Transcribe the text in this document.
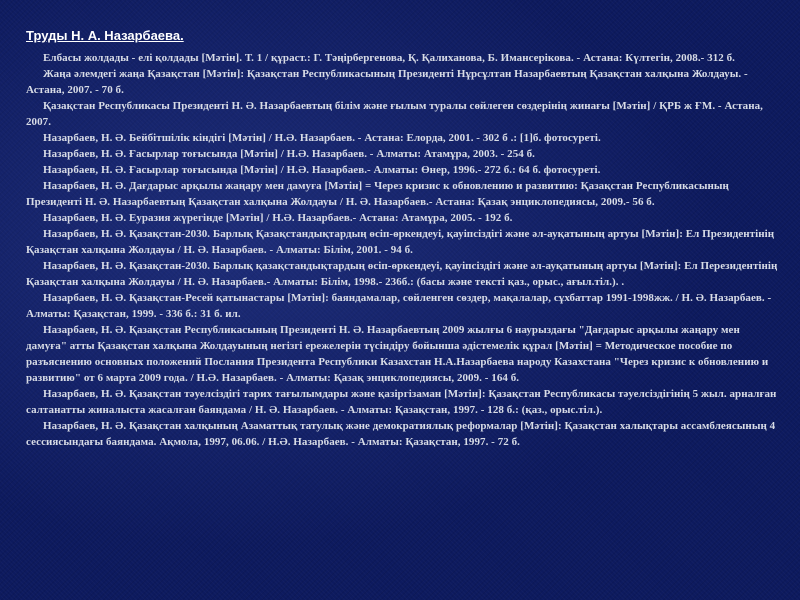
Труды Н. А. Назарбаева.

Елбасы жолдады - елі қолдады [Мәтін]. Т. 1 / құраст.: Г. Тәңірбергенова, Қ. Қалиханова, Б. Имансерікова. - Астана: Күлтегін, 2008.- 312 б.

Жаңа әлемдегі жаңа Қазақстан [Мәтін]: Қазақстан Республикасының Президенті Нұрсұлтан Назарбаевтың Қазақстан халқына Жолдауы. - Астана, 2007. - 70 б.

Қазақстан Республикасы Президенті Н. Ә. Назарбаевтың білім және ғылым туралы сөйлеген сөздерінің жинағы [Мәтін] / ҚРБ ж ҒМ. - Астана, 2007.

Назарбаев, Н. Ә. Бейбітшілік кіндігі [Мәтін] / Н.Ә. Назарбаев. - Астана: Елорда, 2001. - 302 б .: [1]б. фотосуреті.

Назарбаев, Н. Ә. Ғасырлар тоғысында [Мәтін] / Н.Ә. Назарбаев. - Алматы: Атамұра, 2003. - 254 б.

Назарбаев, Н. Ә. Ғасырлар тоғысында [Мәтін] / Н.Ә. Назарбаев.- Алматы: Өнер, 1996.- 272 б.: 64 б. фотосуреті.

Назарбаев, Н. Ә. Дағдарыс арқылы жаңару мен дамуға [Мәтін] = Через кризис к обновлению и развитию: Қазақстан Республикасының Президенті Н. Ә. Назарбаевтың Қазақстан халқына Жолдауы / Н. Ә. Назарбаев.- Астана: Қазақ энциклопедиясы, 2009.- 56 б.

Назарбаев, Н. Ә. Еуразия жүрегінде [Мәтін] / Н.Ә. Назарбаев.- Астана: Атамұра, 2005. - 192 б.

Назарбаев, Н. Ә. Қазақстан-2030. Барлық Қазақстандықтардың өсіп-өркендеуі, қауіпсіздігі және әл-ауқатының артуы [Мәтін]: Ел Президентінің Қазақстан халқына Жолдауы / Н. Ә. Назарбаев. - Алматы: Білім, 2001. - 94 б.

Назарбаев, Н. Ә. Қазақстан-2030. Барлық қазақстандықтардың өсіп-өркендеуі, қауіпсіздігі және әл-ауқатының артуы [Мәтін]: Ел Перезидентінің Қазақстан халқына Жолдауы / Н. Ә. Назарбаев.- Алматы: Білім, 1998.- 236б.: (басы және тексті қаз., орыс., ағыл.тіл.). .

Назарбаев, Н. Ә. Қазақстан-Ресей қатынастары [Мәтін]: баяндамалар, сөйленген сөздер, мақалалар, сұхбаттар 1991-1998жж. / Н. Ә. Назарбаев. - Алматы: Қазақстан, 1999. - 336 б.: 31 б. ил.

Назарбаев, Н. Ә. Қазақстан Республикасының Президенті Н. Ә. Назарбаевтың 2009 жылғы 6 наурыздағы "Дағдарыс арқылы жаңару мен дамуға" атты Қазақстан халқына Жолдауының негізгі ережелерін түсіндіру бойынша әдістемелік құрал [Мәтін] = Методическое пособие по разъяснению основных положений Послания Президента Республики Казахстан Н.А.Назарбаева народу Казахстана "Через кризис к обновлению и развитию" от 6 марта 2009 года. / Н.Ә. Назарбаев. - Алматы: Қазақ энциклопедиясы, 2009. - 164 б.

Назарбаев, Н. Ә. Қазақстан тәуелсіздігі тарих тағылымдары және қазіргізаман [Мәтін]: Қазақстан Республикасы тәуелсіздігінің 5 жыл. арналған салтанатты жиналыста жасалған баяндама / Н. Ә. Назарбаев. - Алматы: Қазақстан, 1997. - 128 б.: (қаз., орыс.тіл.).

Назарбаев, Н. Ә. Қазақстан халқының Азаматтық татулық және демократиялық реформалар [Мәтін]: Қазақстан халықтары ассамблеясының 4 сессиясындағы баяндама. Ақмола, 1997, 06.06. / Н.Ә. Назарбаев. - Алматы: Қазақстан, 1997. - 72 б.
